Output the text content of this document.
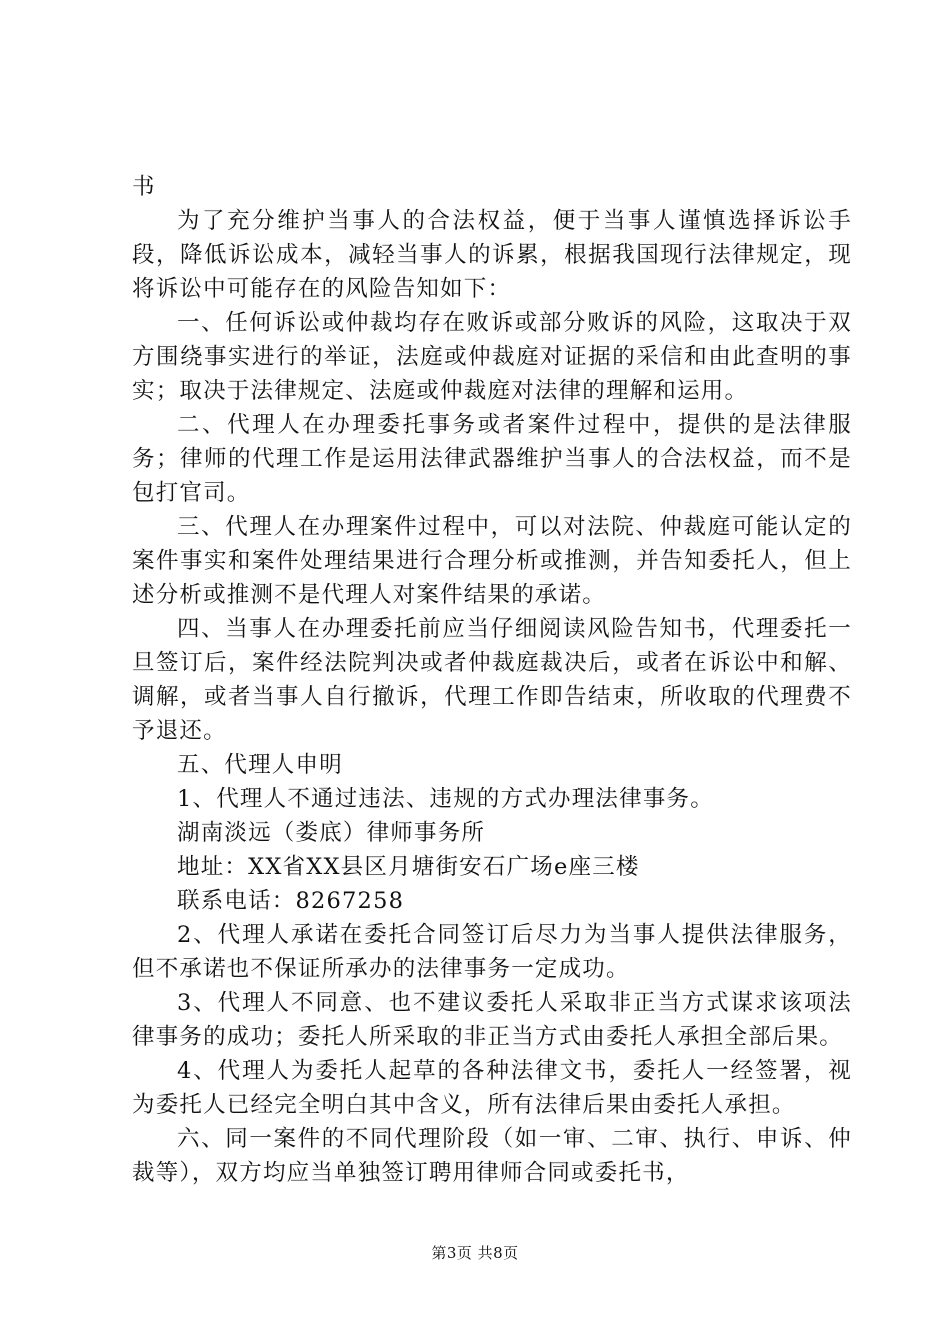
书

为了充分维护当事人的合法权益，便于当事人谨慎选择诉讼手段，降低诉讼成本，减轻当事人的诉累，根据我国现行法律规定，现将诉讼中可能存在的风险告知如下：

一、任何诉讼或仲裁均存在败诉或部分败诉的风险，这取决于双方围绕事实进行的举证，法庭或仲裁庭对证据的采信和由此查明的事实；取决于法律规定、法庭或仲裁庭对法律的理解和运用。

二、代理人在办理委托事务或者案件过程中，提供的是法律服务；律师的代理工作是运用法律武器维护当事人的合法权益，而不是包打官司。

三、代理人在办理案件过程中，可以对法院、仲裁庭可能认定的案件事实和案件处理结果进行合理分析或推测，并告知委托人，但上述分析或推测不是代理人对案件结果的承诺。

四、当事人在办理委托前应当仔细阅读风险告知书，代理委托一旦签订后，案件经法院判决或者仲裁庭裁决后，或者在诉讼中和解、调解，或者当事人自行撤诉，代理工作即告结束，所收取的代理费不予退还。

五、代理人申明

1、代理人不通过违法、违规的方式办理法律事务。

湖南淡远（娄底）律师事务所

地址：XX省XX县区月塘街安石广场e座三楼

联系电话：8267258

2、代理人承诺在委托合同签订后尽力为当事人提供法律服务，但不承诺也不保证所承办的法律事务一定成功。

3、代理人不同意、也不建议委托人采取非正当方式谋求该项法律事务的成功；委托人所采取的非正当方式由委托人承担全部后果。

4、代理人为委托人起草的各种法律文书，委托人一经签署，视为委托人已经完全明白其中含义，所有法律后果由委托人承担。

六、同一案件的不同代理阶段（如一审、二审、执行、申诉、仲裁等），双方均应当单独签订聘用律师合同或委托书，

第3页 共8页
